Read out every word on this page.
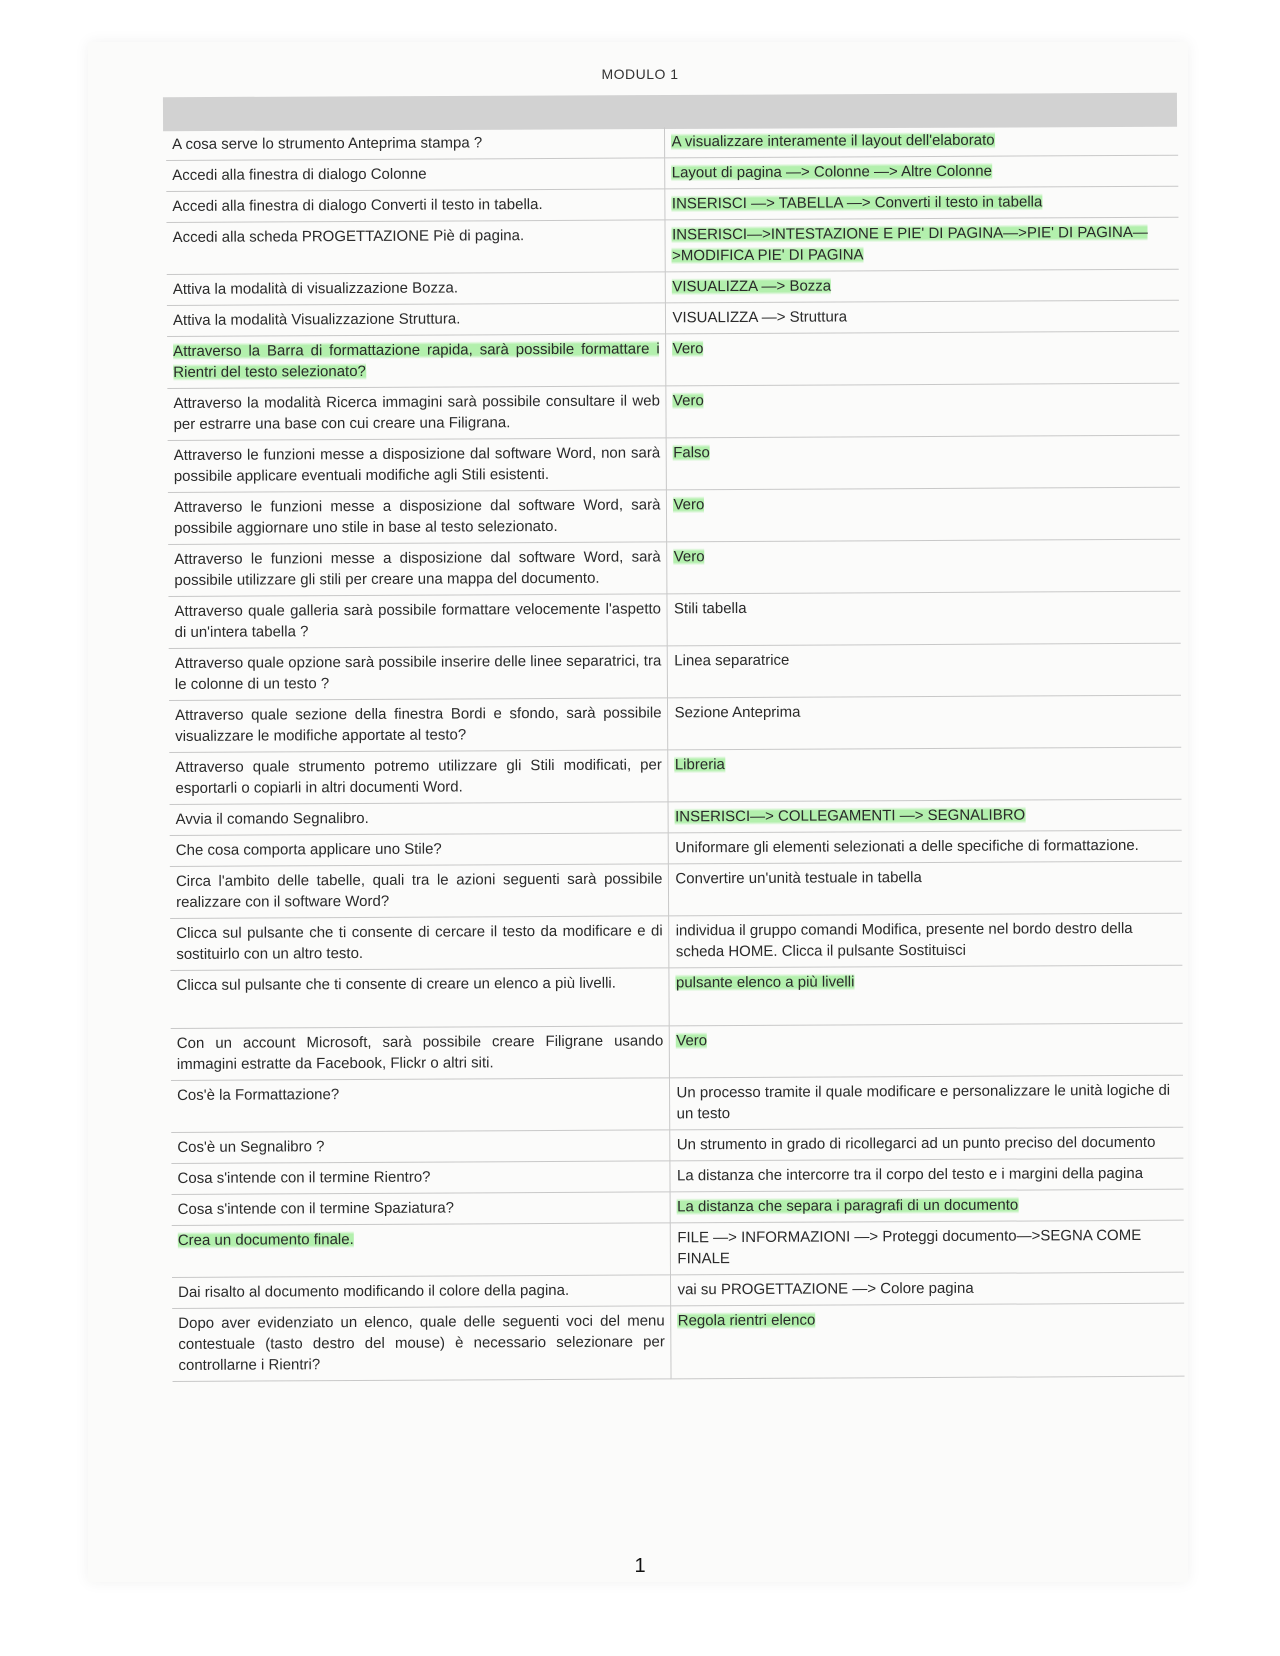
MODULO 1
A cosa serve lo strumento Anteprima stampa ?	A visualizzare interamente il layout dell'elaborato
Accedi alla finestra di dialogo Colonne	Layout di pagina —> Colonne —> Altre Colonne
Accedi alla finestra di dialogo Converti il testo in tabella.	INSERISCI —> TABELLA —> Converti il testo in tabella
Accedi alla scheda PROGETTAZIONE Piè di pagina.	INSERISCI—>INTESTAZIONE E PIE' DI PAGINA—>PIE' DI PAGINA—>MODIFICA PIE' DI PAGINA
Attiva la modalità di visualizzazione Bozza.	VISUALIZZA —> Bozza
Attiva la modalità Visualizzazione Struttura.	VISUALIZZA —> Struttura
Attraverso la Barra di formattazione rapida, sarà possibile formattare i Rientri del testo selezionato?	Vero
Attraverso la modalità Ricerca immagini sarà possibile consultare il web per estrarre una base con cui creare una Filigrana.	Vero
Attraverso le funzioni messe a disposizione dal software Word, non sarà possibile applicare eventuali modifiche agli Stili esistenti.	Falso
Attraverso le funzioni messe a disposizione dal software Word, sarà possibile aggiornare uno stile in base al testo selezionato.	Vero
Attraverso le funzioni messe a disposizione dal software Word, sarà possibile utilizzare gli stili per creare una mappa del documento.	Vero
Attraverso quale galleria sarà possibile formattare velocemente l'aspetto di un'intera tabella ?	Stili tabella
Attraverso quale opzione sarà possibile inserire delle linee separatrici, tra le colonne di un testo ?	Linea separatrice
Attraverso quale sezione della finestra Bordi e sfondo, sarà possibile visualizzare le modifiche apportate al testo?	Sezione Anteprima
Attraverso quale strumento potremo utilizzare gli Stili modificati, per esportarli o copiarli in altri documenti Word.	Libreria
Avvia il comando Segnalibro.	INSERISCI—> COLLEGAMENTI —> SEGNALIBRO
Che cosa comporta applicare uno Stile?	Uniformare gli elementi selezionati a delle specifiche di formattazione.
Circa l'ambito delle tabelle, quali tra le azioni seguenti sarà possibile realizzare con il software Word?	Convertire un'unità testuale in tabella
Clicca sul pulsante che ti consente di cercare il testo da modificare e di sostituirlo con un altro testo.	individua il gruppo comandi Modifica, presente nel bordo destro della scheda HOME. Clicca il pulsante Sostituisci
Clicca sul pulsante che ti consente di creare un elenco a più livelli.	pulsante elenco a più livelli
Con un account Microsoft, sarà possibile creare Filigrane usando immagini estratte da Facebook, Flickr o altri siti.	Vero
Cos'è la Formattazione?	Un processo tramite il quale modificare e personalizzare le unità logiche di un testo
Cos'è un Segnalibro ?	Un strumento in grado di ricollegarci ad un punto preciso del documento
Cosa s'intende con il termine Rientro?	La distanza che intercorre tra il corpo del testo e i margini della pagina
Cosa s'intende con il termine Spaziatura?	La distanza che separa i paragrafi di un documento
Crea un documento finale.	FILE —> INFORMAZIONI —> Proteggi documento—>SEGNA COME FINALE
Dai risalto al documento modificando il colore della pagina.	vai su PROGETTAZIONE —> Colore pagina
Dopo aver evidenziato un elenco, quale delle seguenti voci del menu contestuale (tasto destro del mouse) è necessario selezionare per controllarne i Rientri?	Regola rientri elenco
1
